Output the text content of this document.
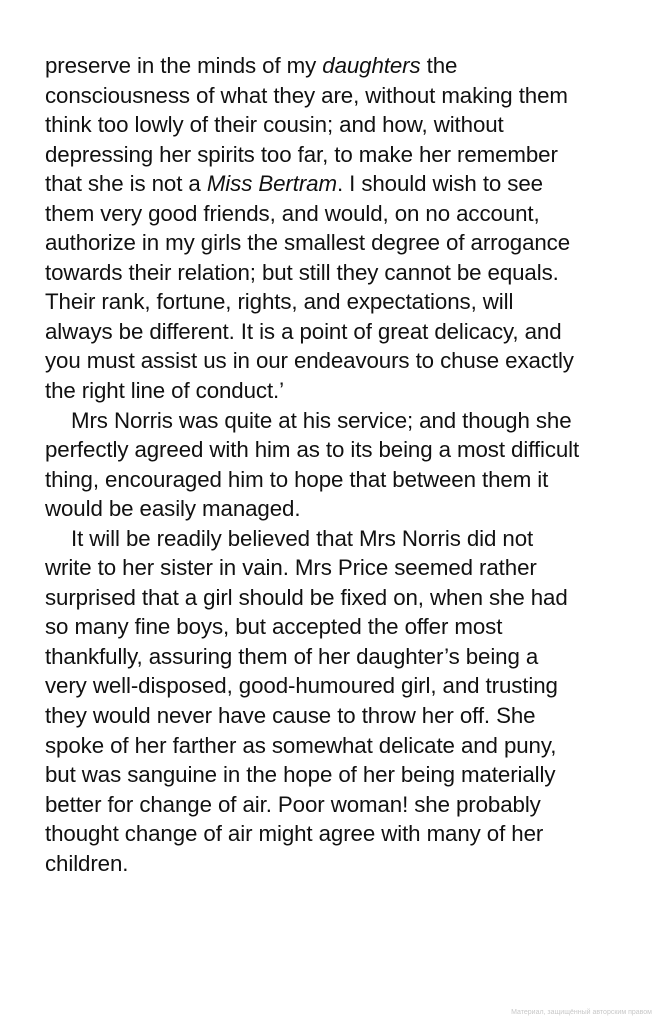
preserve in the minds of my daughters the
consciousness of what they are, without making them
think too lowly of their cousin; and how, without
depressing her spirits too far, to make her remember
that she is not a Miss Bertram. I should wish to see
them very good friends, and would, on no account,
authorize in my girls the smallest degree of arrogance
towards their relation; but still they cannot be equals.
Their rank, fortune, rights, and expectations, will
always be different. It is a point of great delicacy, and
you must assist us in our endeavours to chuse exactly
the right line of conduct.’
Mrs Norris was quite at his service; and though she
perfectly agreed with him as to its being a most difficult
thing, encouraged him to hope that between them it
would be easily managed.
It will be readily believed that Mrs Norris did not
write to her sister in vain. Mrs Price seemed rather
surprised that a girl should be fixed on, when she had
so many fine boys, but accepted the offer most
thankfully, assuring them of her daughter’s being a
very well-disposed, good-humoured girl, and trusting
they would never have cause to throw her off. She
spoke of her farther as somewhat delicate and puny,
but was sanguine in the hope of her being materially
better for change of air. Poor woman! she probably
thought change of air might agree with many of her
children.
Материал, защищённый авторским правом
